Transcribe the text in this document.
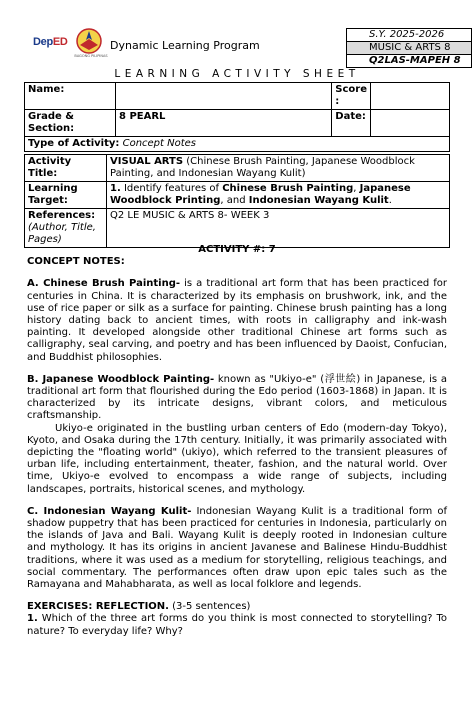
DepED
BAGONG PILIPINAS
Dynamic Learning Program
S.Y. 2025-2026
MUSIC & ARTS 8
Q2LAS-MAPEH 8
LEARNING ACTIVITY SHEET
Name:		Score
:	
Grade & Section:	8 PEARL	Date:	
Type of Activity: Concept Notes			
Activity Title:	VISUAL ARTS (Chinese Brush Painting, Japanese Woodblock Painting, and Indonesian Wayang Kulit)
Learning Target:	1. Identify features of Chinese Brush Painting, Japanese Woodblock Printing, and Indonesian Wayang Kulit.
References:
(Author, Title, Pages)	Q2 LE MUSIC & ARTS 8- WEEK 3
ACTIVITY #: 7
CONCEPT NOTES:

A. Chinese Brush Painting- is a traditional art form that has been practiced for centuries in China. It is characterized by its emphasis on brushwork, ink, and the use of rice paper or silk as a surface for painting. Chinese brush painting has a long history dating back to ancient times, with roots in calligraphy and ink-wash painting. It developed alongside other traditional Chinese art forms such as calligraphy, seal carving, and poetry and has been influenced by Daoist, Confucian, and Buddhist philosophies.

B. Japanese Woodblock Painting- known as "Ukiyo-e" (浮世絵) in Japanese, is a traditional art form that flourished during the Edo period (1603-1868) in Japan. It is characterized by its intricate designs, vibrant colors, and meticulous craftsmanship.

Ukiyo-e originated in the bustling urban centers of Edo (modern-day Tokyo), Kyoto, and Osaka during the 17th century. Initially, it was primarily associated with depicting the "floating world" (ukiyo), which referred to the transient pleasures of urban life, including entertainment, theater, fashion, and the natural world. Over time, Ukiyo-e evolved to encompass a wide range of subjects, including landscapes, portraits, historical scenes, and mythology.

C. Indonesian Wayang Kulit- Indonesian Wayang Kulit is a traditional form of shadow puppetry that has been practiced for centuries in Indonesia, particularly on the islands of Java and Bali. Wayang Kulit is deeply rooted in Indonesian culture and mythology. It has its origins in ancient Javanese and Balinese Hindu-Buddhist traditions, where it was used as a medium for storytelling, religious teachings, and social commentary. The performances often draw upon epic tales such as the Ramayana and Mahabharata, as well as local folklore and legends.

EXERCISES: REFLECTION. (3-5 sentences)

1. Which of the three art forms do you think is most connected to storytelling? To nature? To everyday life? Why?
